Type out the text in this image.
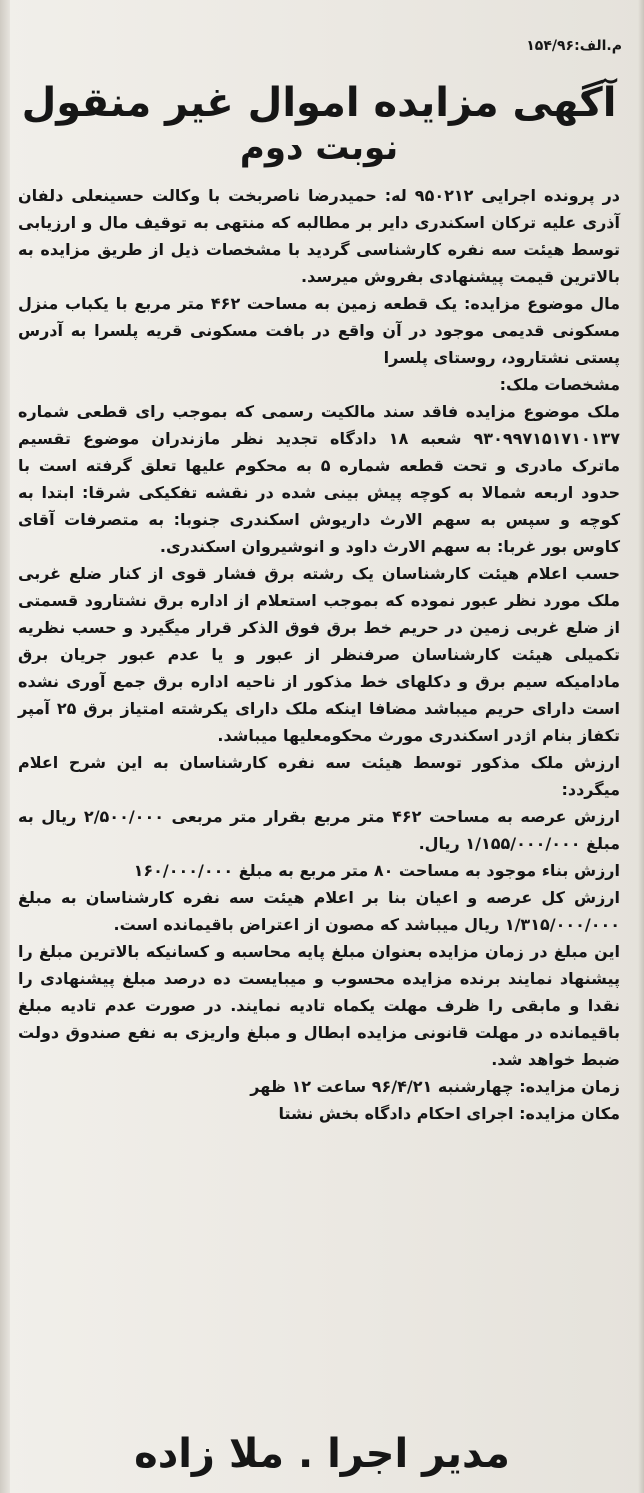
م.الف:۱۵۴/۹۶
آگهی مزایده اموال غیر منقول
نوبت دوم

در پرونده اجرایی ۹۵۰۲۱۲ له: حمیدرضا ناصربخت با وکالت حسینعلی دلفان آذری علیه ترکان اسکندری دایر بر مطالبه که منتهی به توقیف مال و ارزیابی توسط هیئت سه نفره کارشناسی گردید با مشخصات ذیل از طریق مزایده به بالاترین قیمت پیشنهادی بفروش میرسد.

مال موضوع مزایده: یک قطعه زمین به مساحت ۴۶۲ متر مربع با یکباب منزل مسکونی قدیمی موجود در آن واقع در بافت مسکونی قریه پلسرا به آدرس پستی نشتارود، روستای پلسرا

مشخصات ملک:

ملک موضوع مزایده فاقد سند مالکیت رسمی که بموجب رای قطعی شماره ۹۳۰۹۹۷۱۵۱۷۱۰۱۳۷ شعبه ۱۸ دادگاه تجدید نظر مازندران موضوع تقسیم ماترک مادری و تحت قطعه شماره ۵ به محکوم علیها تعلق گرفته است با حدود اربعه شمالا به کوچه پیش بینی شده در نقشه تفکیکی شرقا: ابتدا به کوچه و سپس به سهم الارث داریوش اسکندری جنوبا: به متصرفات آقای کاوس بور غربا: به سهم الارث داود و انوشیروان اسکندری.

حسب اعلام هیئت کارشناسان یک رشته برق فشار قوی از کنار ضلع غربی ملک مورد نظر عبور نموده که بموجب استعلام از اداره برق نشتارود قسمتی از ضلع غربی زمین در حریم خط برق فوق الذکر قرار میگیرد و حسب نظریه تکمیلی هیئت کارشناسان صرفنظر از عبور و یا عدم عبور جریان برق مادامیکه سیم برق و دکلهای خط مذکور از ناحیه اداره برق جمع آوری نشده است دارای حریم میباشد مضافا اینکه ملک دارای یکرشته امتیاز برق ۲۵ آمپر تکفاز بنام اژدر اسکندری مورث محکومعلیها میباشد.

ارزش ملک مذکور توسط هیئت سه نفره کارشناسان به این شرح اعلام میگردد:

ارزش عرصه به مساحت ۴۶۲ متر مربع بقرار متر مربعی ۲/۵۰۰/۰۰۰ ریال به مبلغ ۱/۱۵۵/۰۰۰/۰۰۰ ریال.

ارزش بناء موجود به مساحت ۸۰ متر مربع به مبلغ ۱۶۰/۰۰۰/۰۰۰

ارزش کل عرصه و اعیان بنا بر اعلام هیئت سه نفره کارشناسان به مبلغ ۱/۳۱۵/۰۰۰/۰۰۰ ریال میباشد که مصون از اعتراض باقیمانده است.

این مبلغ در زمان مزایده بعنوان مبلغ پایه محاسبه و کسانیکه بالاترین مبلغ را پیشنهاد نمایند برنده مزایده محسوب و میبایست ده درصد مبلغ پیشنهادی را نقدا و مابقی را ظرف مهلت یکماه تادیه نمایند. در صورت عدم تادیه مبلغ باقیمانده در مهلت قانونی مزایده ابطال و مبلغ واریزی به نفع صندوق دولت ضبط خواهد شد.

زمان مزایده: چهارشنبه ۹۶/۴/۲۱ ساعت ۱۲ ظهر

مکان مزایده: اجرای احکام دادگاه بخش نشتا

مدیر اجرا . ملا زاده
